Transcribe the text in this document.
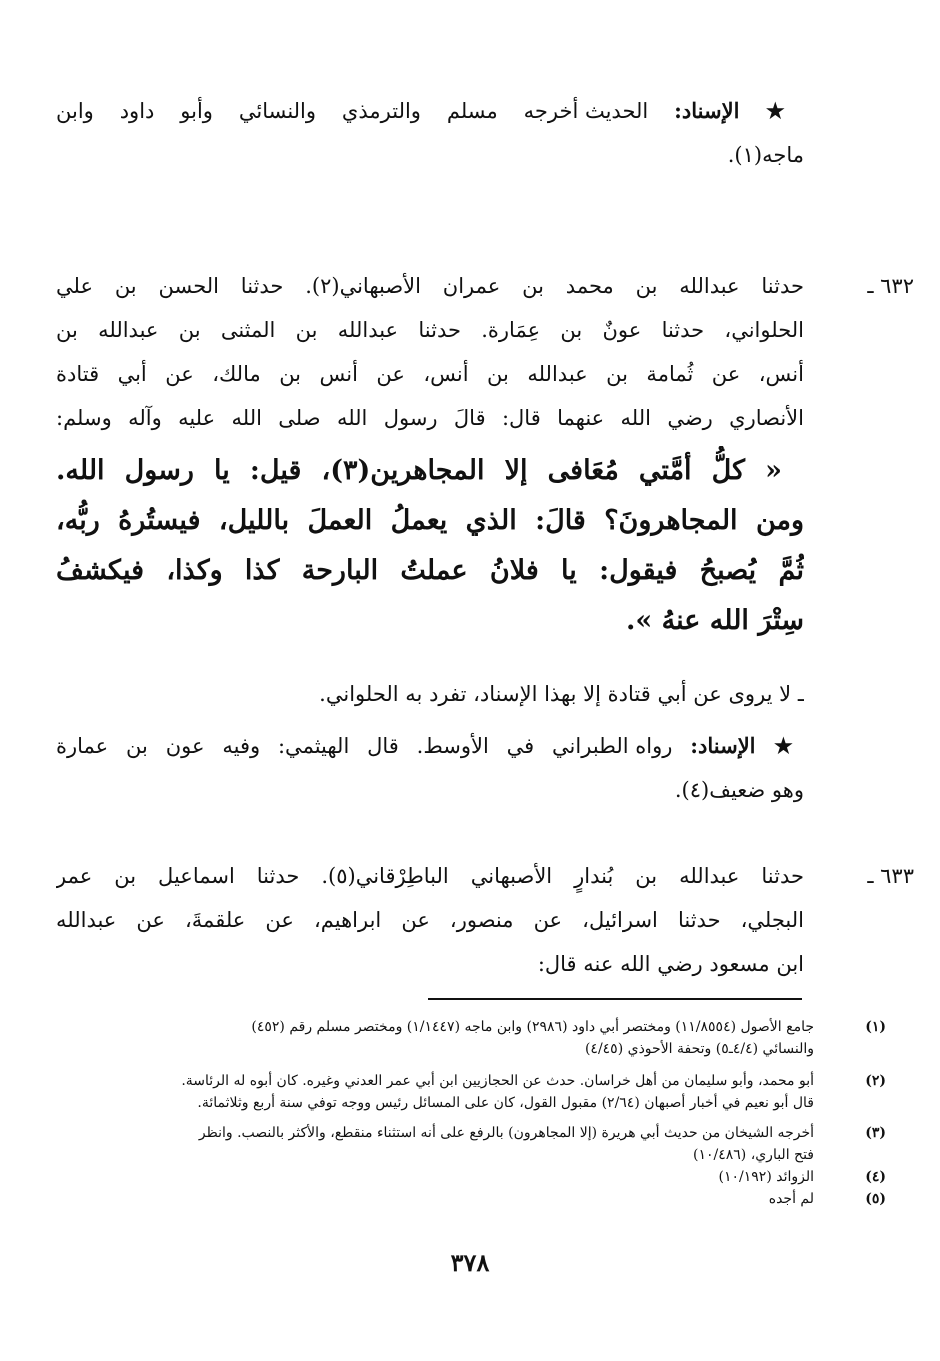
★ الإسناد: الحديث أخرجه مسلم والترمذي والنسائي وأبو داود وابن
ماجه(١).
٦٣٢ ـ
حدثنا عبدالله بن محمد بن عمران الأصبهاني(٢). حدثنا الحسن بن علي
الحلواني، حدثنا عونٌ بن عِمَارة. حدثنا عبدالله بن المثنى بن عبدالله بن
أنس، عن ثُمامة بن عبدالله بن أنس، عن أنس بن مالك، عن أبي قتادة
الأنصاري رضي الله عنهما قال: قالَ رسول الله صلى الله عليه وآله وسلم:
« كلُّ أمَّتي مُعَافى إلا المجاهرين(٣)، قيل: يا رسول الله.
ومن المجاهرونَ؟ قالَ: الذي يعملُ العملَ بالليل، فيستُرهُ ربُّه،
ثُمَّ يُصبحُ فيقول: يا فلانُ عملتُ البارحة كذا وكذا، فيكشفُ
سِتْرَ الله عنهُ ».
ـ لا يروى عن أبي قتادة إلا بهذا الإسناد، تفرد به الحلواني.
★ الإسناد: رواه الطبراني في الأوسط. قال الهيثمي: وفيه عون بن عمارة
وهو ضعيف(٤).
٦٣٣ ـ
حدثنا عبدالله بن بُندارٍ الأصبهاني الباطِرْقاني(٥). حدثنا اسماعيل بن عمر
البجلي، حدثنا اسرائيل، عن منصور، عن ابراهيم، عن علقمةَ، عن عبدالله
ابن مسعود رضي الله عنه قال:
(١)
جامع الأصول (١١/٨٥٥٤) ومختصر أبي داود (٢٩٨٦) وابن ماجه (١/١٤٤٧) ومختصر مسلم رقم (٤٥٢)
والنسائي (٤/٤ـ٥) وتحفة الأحوذي (٤/٤٥)
(٢)
أبو محمد، وأبو سليمان من أهل خراسان. حدث عن الحجازيين ابن أبي عمر العدني وغيره. كان أبوه له الرئاسة.
قال أبو نعيم في أخبار أصبهان (٢/٦٤) مقبول القول، كان على المسائل رئيس ووجه توفي سنة أربع وثلاثمائة.
(٣)
أخرجه الشيخان من حديث أبي هريرة (إلا المجاهرون) بالرفع على أنه استثناء منقطع، والأكثر بالنصب. وانظر
فتح الباري، (١٠/٤٨٦)
(٤)
الزوائد (١٠/١٩٢)
(٥)
لم أجده
٣٧٨
